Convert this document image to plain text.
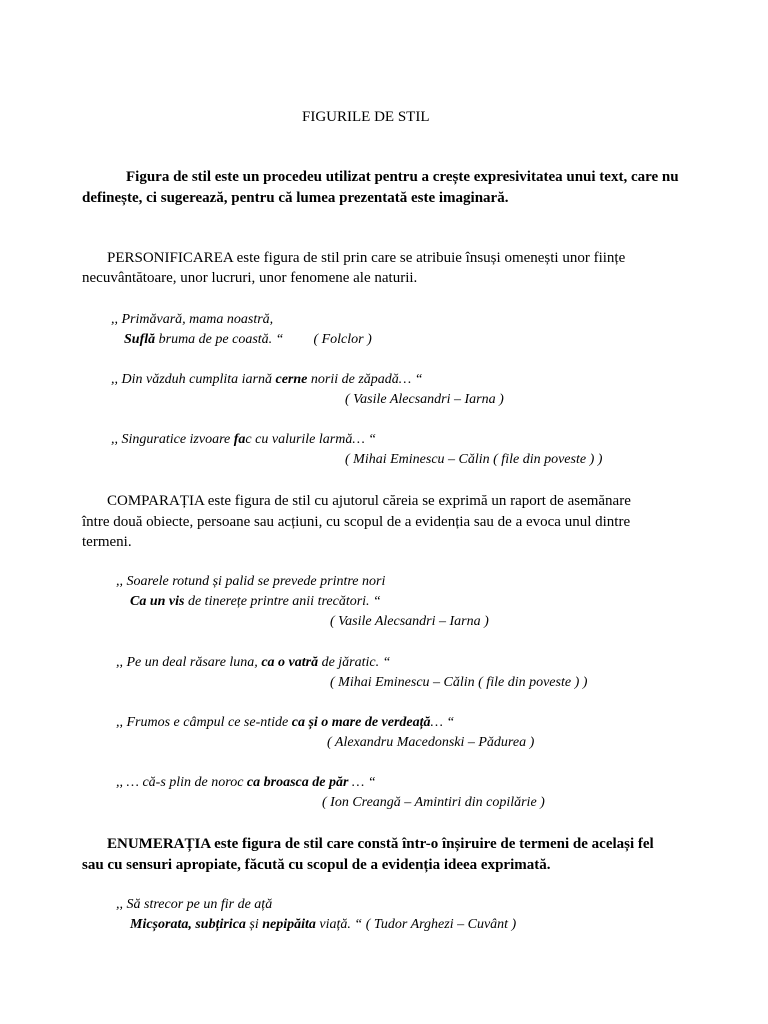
FIGURILE DE STIL
Figura de stil este un procedeu utilizat pentru a crește expresivitatea unui text, care nu
definește, ci sugerează, pentru că lumea prezentată este imaginară.
PERSONIFICAREA este figura de stil prin care se atribuie însuși omenești unor ființe
necuvântătoare, unor lucruri, unor fenomene ale naturii.
,, Primăvară, mama noastră,
Suflă bruma de pe coastă. “ ( Folclor )
,, Din văzduh cumplita iarnă cerne norii de zăpadă… “
( Vasile Alecsandri – Iarna )
,, Singuratice izvoare fac cu valurile larmă… “
( Mihai Eminescu – Călin ( file din poveste ) )
COMPARAȚIA este figura de stil cu ajutorul căreia se exprimă un raport de asemănare
între două obiecte, persoane sau acțiuni, cu scopul de a evidenția sau de a evoca unul dintre
termeni.
,, Soarele rotund și palid se prevede printre nori
Ca un vis de tinerețe printre anii trecători. “
( Vasile Alecsandri – Iarna )
,, Pe un deal răsare luna, ca o vatră de jăratic. “
( Mihai Eminescu – Călin ( file din poveste ) )
,, Frumos e câmpul ce se-ntide ca și o mare de verdeață… “
( Alexandru Macedonski – Pădurea )
,, … că-s plin de noroc ca broasca de păr … “
( Ion Creangă – Amintiri din copilărie )
ENUMERAȚIA este figura de stil care constă într-o înșiruire de termeni de același fel
sau cu sensuri apropiate, făcută cu scopul de a evidenția ideea exprimată.
,, Să strecor pe un fir de ață
Micșorata, subțirica și nepipăita viață. “ ( Tudor Arghezi – Cuvânt )
